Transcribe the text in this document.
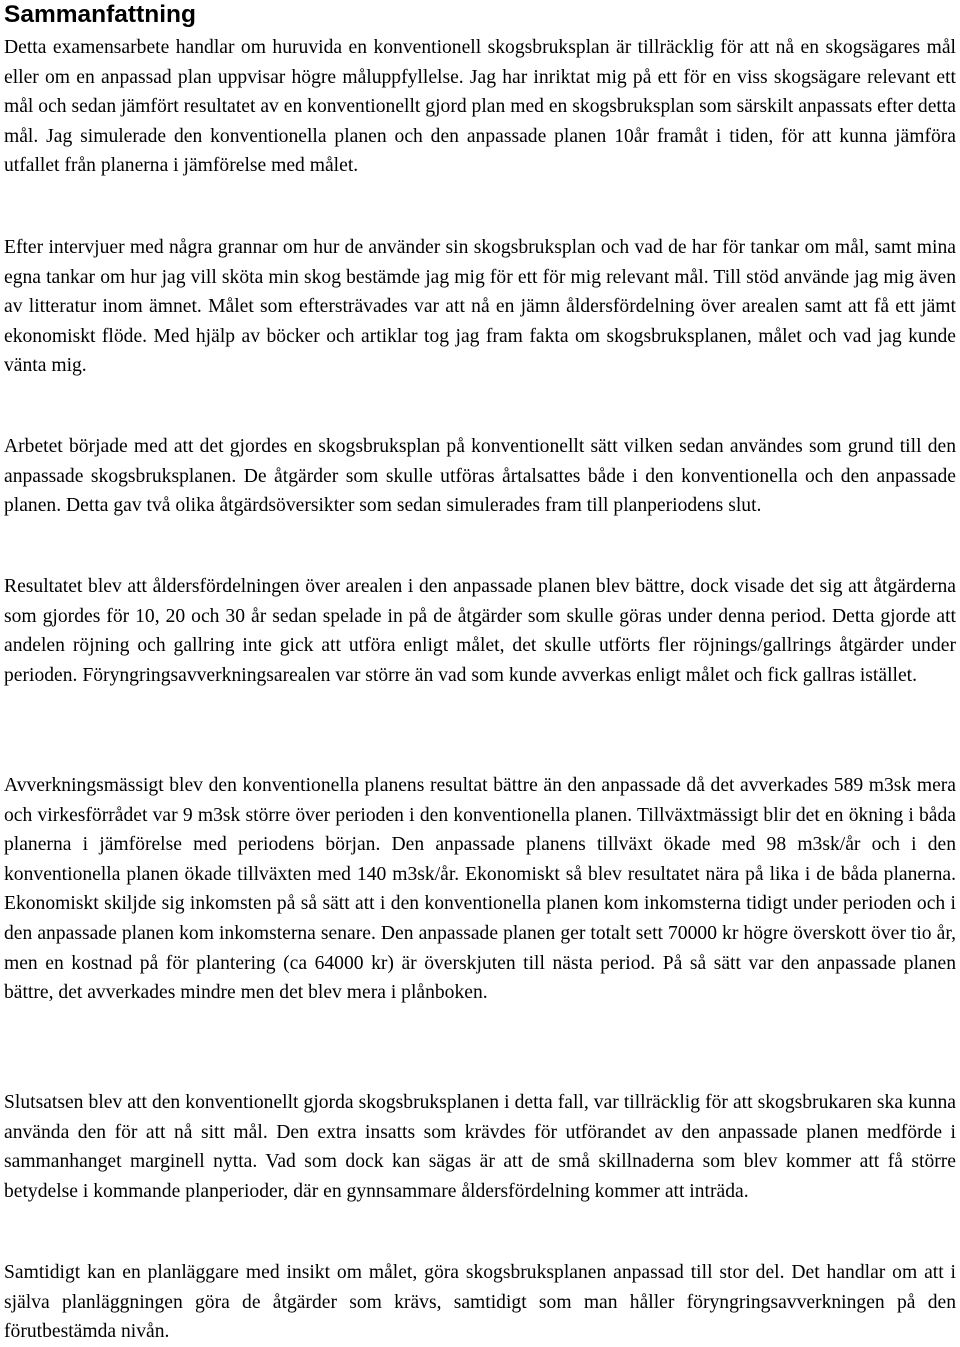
Sammanfattning

Detta examensarbete handlar om huruvida en konventionell skogsbruksplan är tillräcklig för att nå en skogsägares mål eller om en anpassad plan uppvisar högre måluppfyllelse. Jag har inriktat mig på ett för en viss skogsägare relevant ett mål och sedan jämfört resultatet av en konventionellt gjord plan med en skogsbruksplan som särskilt anpassats efter detta mål. Jag simulerade den konventionella planen och den anpassade planen 10år framåt i tiden, för att kunna jämföra utfallet från planerna i jämförelse med målet.

Efter intervjuer med några grannar om hur de använder sin skogsbruksplan och vad de har för tankar om mål, samt mina egna tankar om hur jag vill sköta min skog bestämde jag mig för ett för mig relevant mål. Till stöd använde jag mig även av litteratur inom ämnet. Målet som eftersträvades var att nå en jämn åldersfördelning över arealen samt att få ett jämt ekonomiskt flöde. Med hjälp av böcker och artiklar tog jag fram fakta om skogsbruksplanen, målet och vad jag kunde vänta mig.

Arbetet började med att det gjordes en skogsbruksplan på konventionellt sätt vilken sedan användes som grund till den anpassade skogsbruksplanen. De åtgärder som skulle utföras årtalsattes både i den konventionella och den anpassade planen. Detta gav två olika åtgärdsöversikter som sedan simulerades fram till planperiodens slut.

Resultatet blev att åldersfördelningen över arealen i den anpassade planen blev bättre, dock visade det sig att åtgärderna som gjordes för 10, 20 och 30 år sedan spelade in på de åtgärder som skulle göras under denna period. Detta gjorde att andelen röjning och gallring inte gick att utföra enligt målet, det skulle utförts fler röjnings/gallrings åtgärder under perioden. Föryngringsavverkningsarealen var större än vad som kunde avverkas enligt målet och fick gallras istället.

Avverkningsmässigt blev den konventionella planens resultat bättre än den anpassade då det avverkades 589 m3sk mera och virkesförrådet var 9 m3sk större över perioden i den konventionella planen. Tillväxtmässigt blir det en ökning i båda planerna i jämförelse med periodens början. Den anpassade planens tillväxt ökade med 98 m3sk/år och i den konventionella planen ökade tillväxten med 140 m3sk/år. Ekonomiskt så blev resultatet nära på lika i de båda planerna. Ekonomiskt skiljde sig inkomsten på så sätt att i den konventionella planen kom inkomsterna tidigt under perioden och i den anpassade planen kom inkomsterna senare. Den anpassade planen ger totalt sett 70000 kr högre överskott över tio år, men en kostnad på för plantering (ca 64000 kr) är överskjuten till nästa period. På så sätt var den anpassade planen bättre, det avverkades mindre men det blev mera i plånboken.

Slutsatsen blev att den konventionellt gjorda skogsbruksplanen i detta fall, var tillräcklig för att skogsbrukaren ska kunna använda den för att nå sitt mål. Den extra insatts som krävdes för utförandet av den anpassade planen medförde i sammanhanget marginell nytta. Vad som dock kan sägas är att de små skillnaderna som blev kommer att få större betydelse i kommande planperioder, där en gynnsammare åldersfördelning kommer att inträda.

Samtidigt kan en planläggare med insikt om målet, göra skogsbruksplanen anpassad till stor del. Det handlar om att i själva planläggningen göra de åtgärder som krävs, samtidigt som man håller föryngringsavverkningen på den förutbestämda nivån.
